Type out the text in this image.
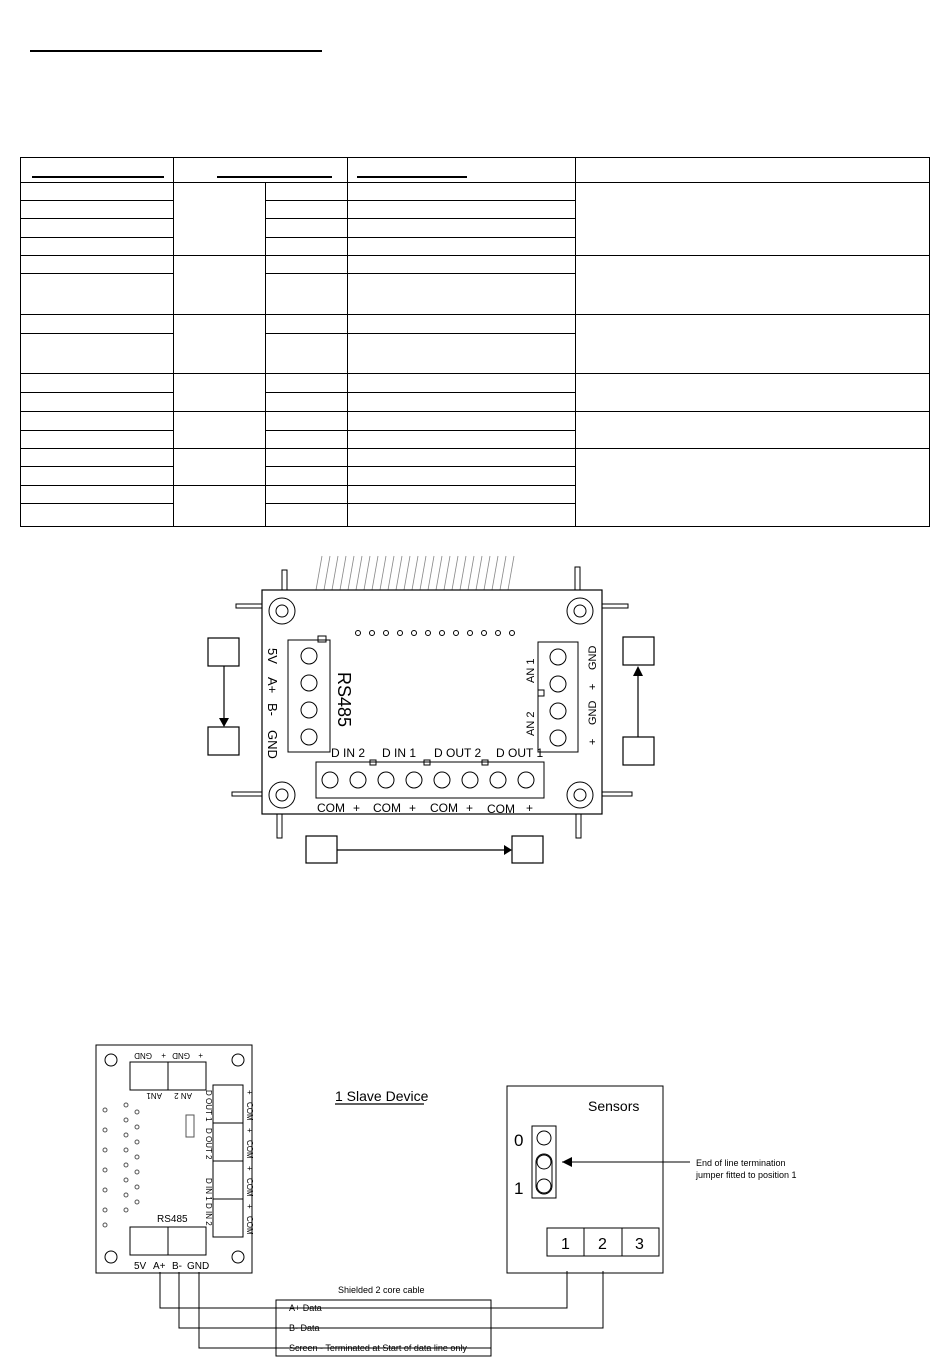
RS485
5V
A+
B-
GND
AN 1
AN 2
GND
+
GND
+
D IN 2 D IN 1 D OUT 2 D OUT 1
COM + COM + COM + COM +
GND + GND +
AN1 AN 2 D OUT 1
D OUT 2
D IN 1
D IN 2
+
COM
+
COM
+
COM
+
COM
RS485
5V A+ B- GND
1 Slave Device
Sensors
0
1
1 2 3
End of line termination
jumper fitted to position 1
Shielded 2 core cable
A+ Data
B- Data
Screen - Terminated at Start of data line only
